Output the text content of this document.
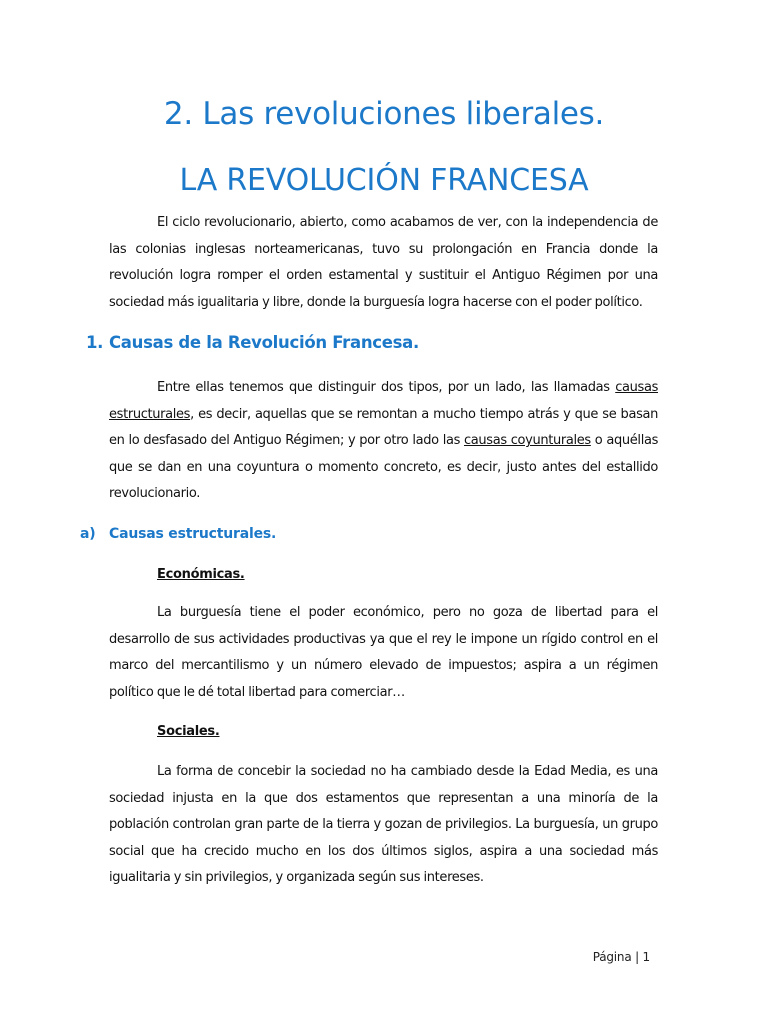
2. Las revoluciones liberales.
LA REVOLUCIÓN FRANCESA

El ciclo revolucionario, abierto, como acabamos de ver, con la independencia de las colonias inglesas norteamericanas, tuvo su prolongación en Francia donde la revolución logra romper el orden estamental y sustituir el Antiguo Régimen por una sociedad más igualitaria y libre, donde la burguesía logra hacerse con el poder político.

1. Causas de la Revolución Francesa.

Entre ellas tenemos que distinguir dos tipos, por un lado, las llamadas causas estructurales, es decir, aquellas que se remontan a mucho tiempo atrás y que se basan en lo desfasado del Antiguo Régimen; y por otro lado las causas coyunturales o aquéllas que se dan en una coyuntura o momento concreto, es decir, justo antes del estallido revolucionario.

a) Causas estructurales.
Económicas.

La burguesía tiene el poder económico, pero no goza de libertad para el desarrollo de sus actividades productivas ya que el rey le impone un rígido control en el marco del mercantilismo y un número elevado de impuestos; aspira a un régimen político que le dé total libertad para comerciar…

Sociales.

La forma de concebir la sociedad no ha cambiado desde la Edad Media, es una sociedad injusta en la que dos estamentos que representan a una minoría de la población controlan gran parte de la tierra y gozan de privilegios. La burguesía, un grupo social que ha crecido mucho en los dos últimos siglos, aspira a una sociedad más igualitaria y sin privilegios, y organizada según sus intereses.

Página | 1
